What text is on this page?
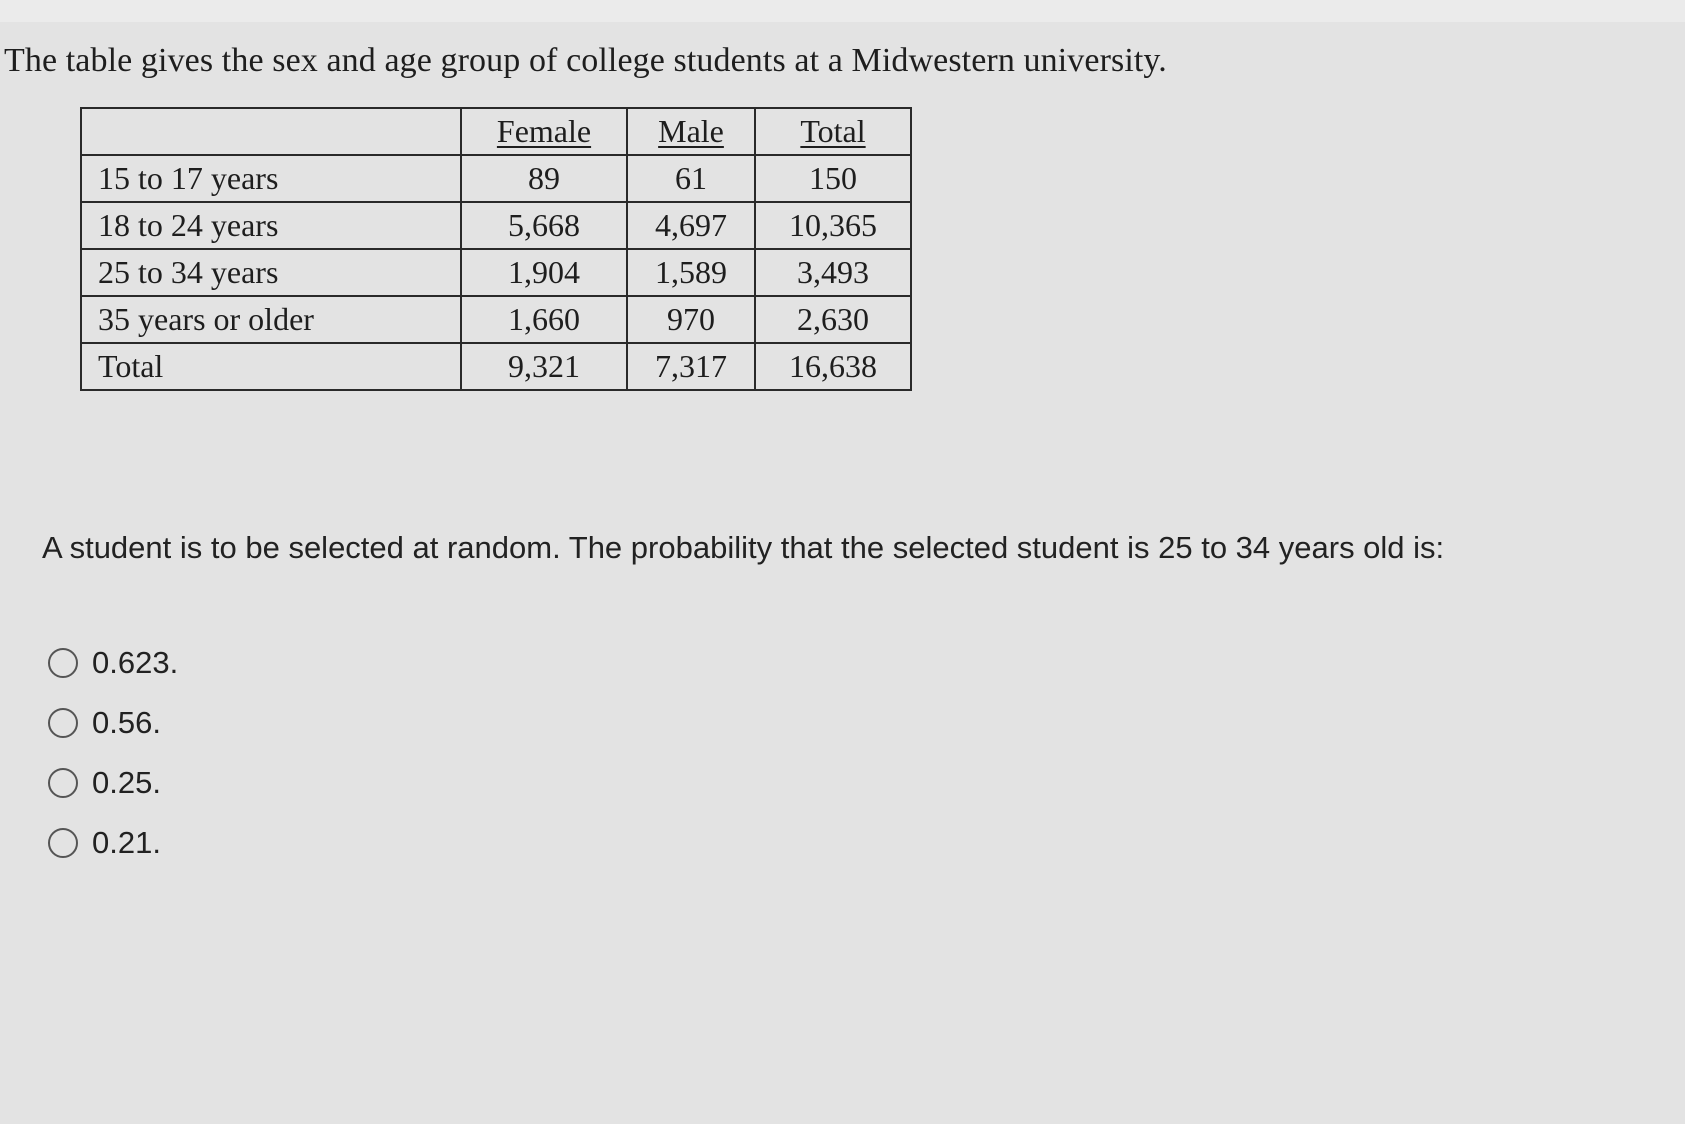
The table gives the sex and age group of college students at a Midwestern university.
	Female	Male	Total
15 to 17 years	89	61	150
18 to 24 years	5,668	4,697	10,365
25 to 34 years	1,904	1,589	3,493
35 years or older	1,660	970	2,630
Total	9,321	7,317	16,638
A student is to be selected at random. The probability that the selected student is 25 to 34 years old is:
0.623.
0.56.
0.25.
0.21.
